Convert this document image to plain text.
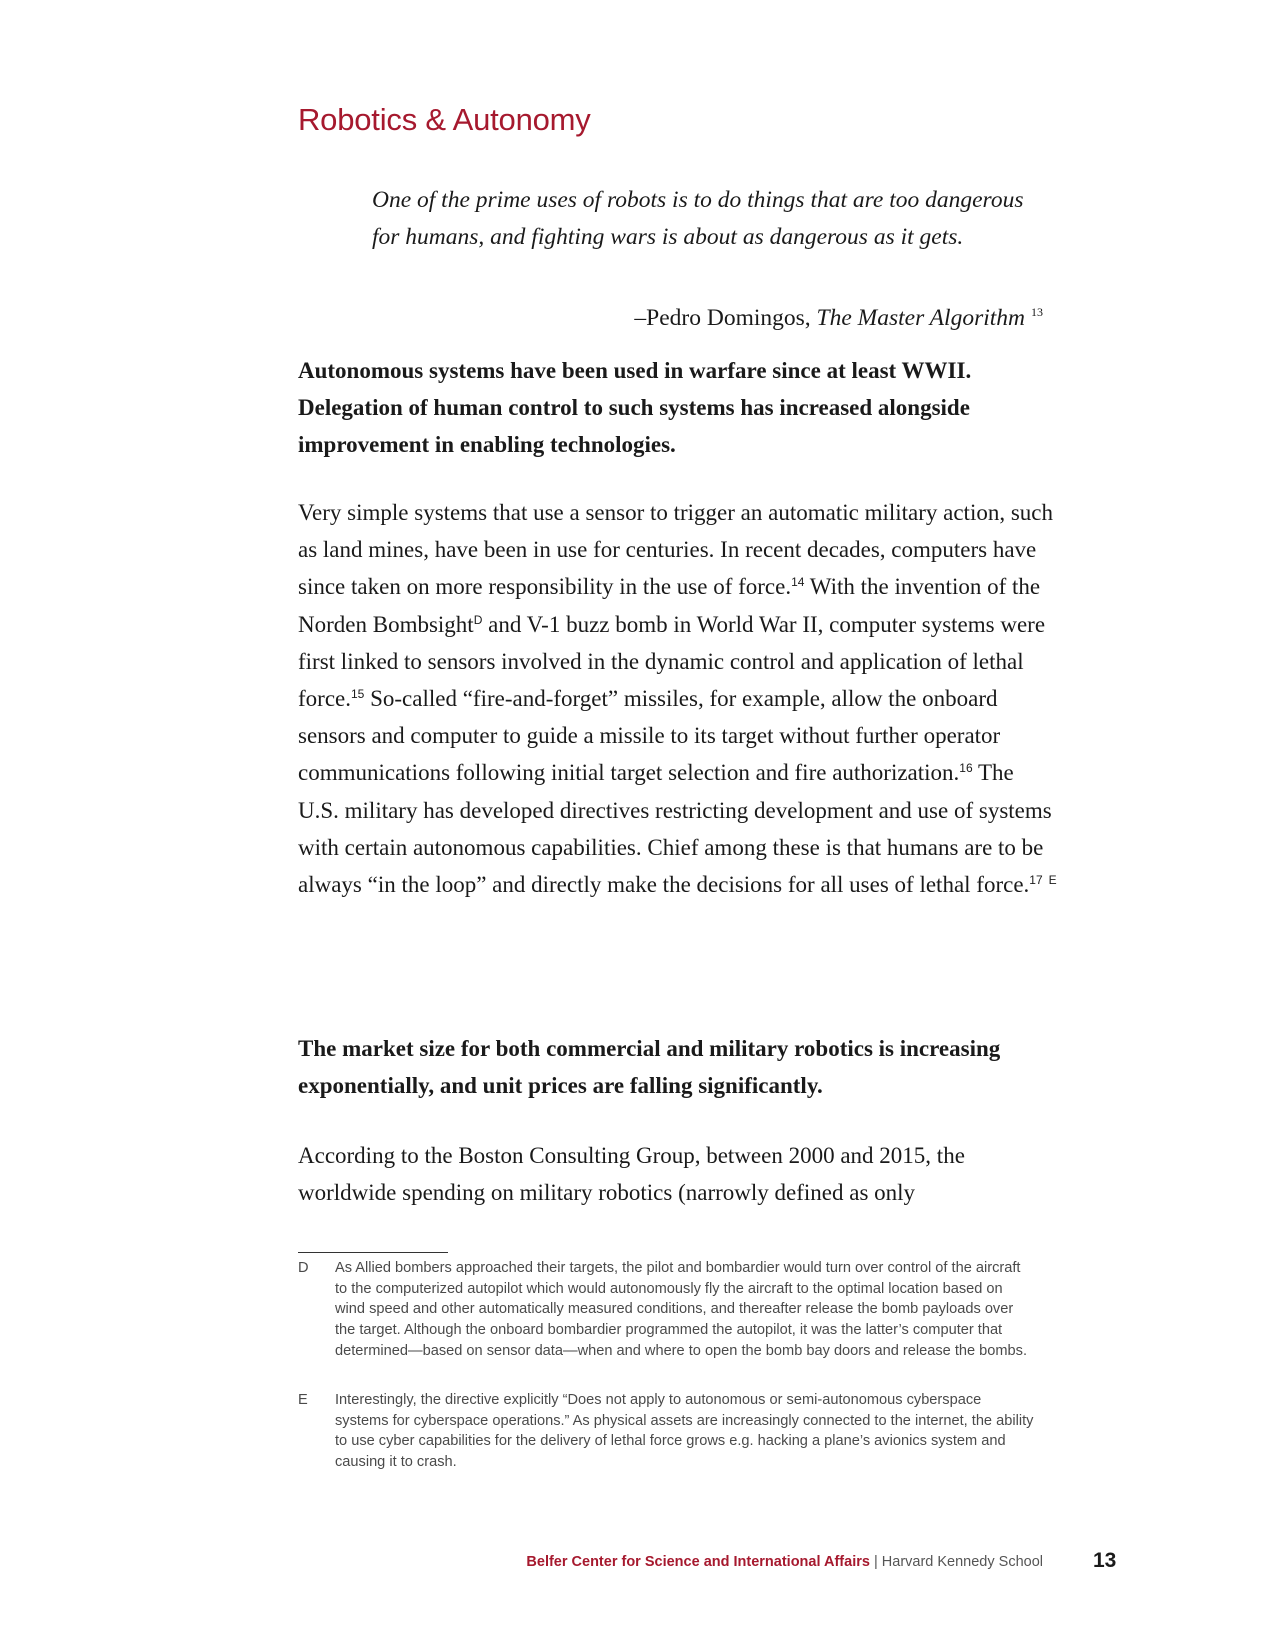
Robotics & Autonomy

One of the prime uses of robots is to do things that are too dangerous for humans, and fighting wars is about as dangerous as it gets.

–Pedro Domingos, The Master Algorithm $^{13}$

Autonomous systems have been used in warfare since at least WWII. Delegation of human control to such systems has increased alongside improvement in enabling technologies.

Very simple systems that use a sensor to trigger an automatic military action, such as land mines, have been in use for centuries. In recent decades, computers have since taken on more responsibility in the use of force.$^{14}$ With the invention of the Norden Bombsight$^D$ and V-1 buzz bomb in World War II, computer systems were first linked to sensors involved in the dynamic control and application of lethal force.$^{15}$ So-called “fire-and-forget” missiles, for example, allow the onboard sensors and computer to guide a missile to its target without further operator communications following initial target selection and fire authorization.$^{16}$ The U.S. military has developed directives restricting development and use of systems with certain autonomous capabilities. Chief among these is that humans are to be always “in the loop” and directly make the decisions for all uses of lethal force.$^{17}$ $^E$

The market size for both commercial and military robotics is increasing exponentially, and unit prices are falling significantly.

According to the Boston Consulting Group, between 2000 and 2015, the worldwide spending on military robotics (narrowly defined as only

D As Allied bombers approached their targets, the pilot and bombardier would turn over control of the aircraft to the computerized autopilot which would autonomously fly the aircraft to the optimal location based on wind speed and other automatically measured conditions, and thereafter release the bomb payloads over the target. Although the onboard bombardier programmed the autopilot, it was the latter’s computer that determined—based on sensor data—when and where to open the bomb bay doors and release the bombs.
E Interestingly, the directive explicitly “Does not apply to autonomous or semi-autonomous cyberspace systems for cyberspace operations.” As physical assets are increasingly connected to the internet, the ability to use cyber capabilities for the delivery of lethal force grows e.g. hacking a plane’s avionics system and causing it to crash.
Belfer Center for Science and International Affairs | Harvard Kennedy School 13
